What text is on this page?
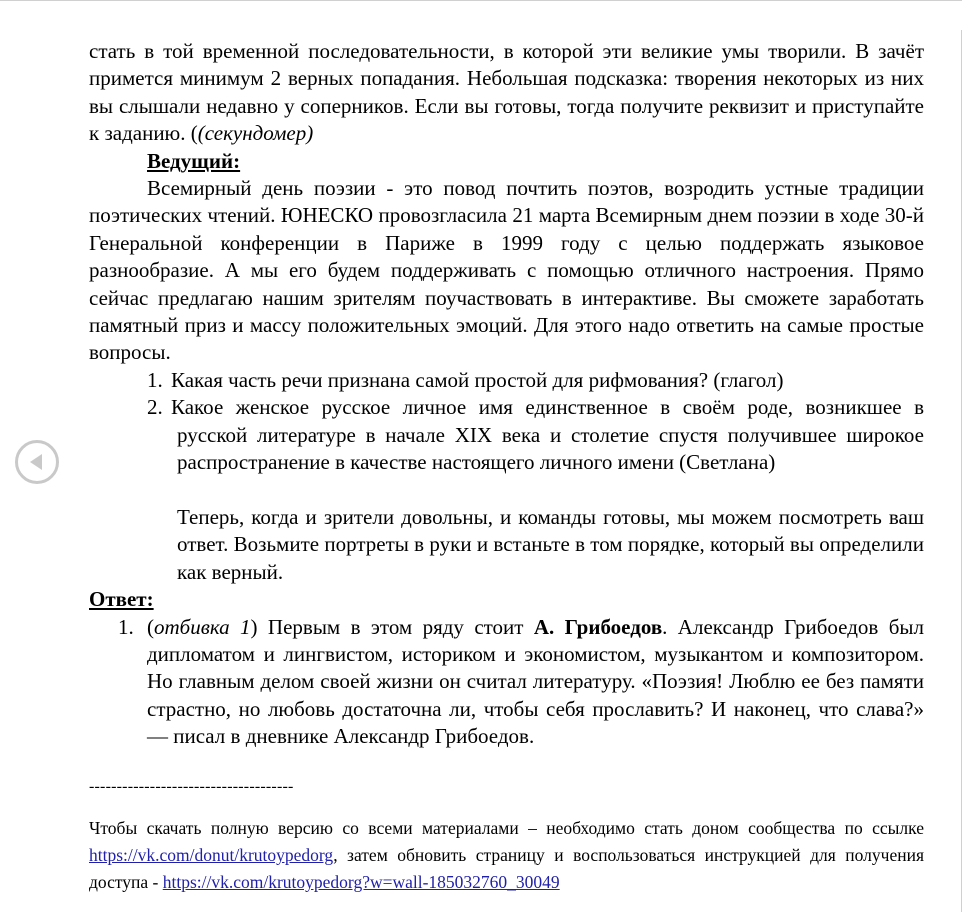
стать в той временной последовательности, в которой эти великие умы творили. В зачёт примется минимум 2 верных попадания. Небольшая подсказка: творения некоторых из них вы слышали недавно у соперников. Если вы готовы, тогда получите реквизит и приступайте к заданию. ((секундомер)

Ведущий:

Всемирный день поэзии - это повод почтить поэтов, возродить устные традиции поэтических чтений. ЮНЕСКО провозгласила 21 марта Всемирным днем поэзии в ходе 30-й Генеральной конференции в Париже в 1999 году с целью поддержать языковое разнообразие. А мы его будем поддерживать с помощью отличного настроения. Прямо сейчас предлагаю нашим зрителям поучаствовать в интерактиве. Вы сможете заработать памятный приз и массу положительных эмоций. Для этого надо ответить на самые простые вопросы.

1. Какая часть речи признана самой простой для рифмования? (глагол)
2. Какое женское русское личное имя единственное в своём роде, возникшее в русской литературе в начале XIX века и столетие спустя получившее широкое распространение в качестве настоящего личного имени (Светлана)

Теперь, когда и зрители довольны, и команды готовы, мы можем посмотреть ваш ответ. Возьмите портреты в руки и встаньте в том порядке, который вы определили как верный.

Ответ:

1. (отбивка 1) Первым в этом ряду стоит А. Грибоедов. Александр Грибоедов был дипломатом и лингвистом, историком и экономистом, музыкантом и композитором. Но главным делом своей жизни он считал литературу. «Поэзия! Люблю ее без памяти страстно, но любовь достаточна ли, чтобы себя прославить? И наконец, что слава?» — писал в дневнике Александр Грибоедов.
-------------------------------------

Чтобы скачать полную версию со всеми материалами – необходимо стать доном сообщества по ссылке https://vk.com/donut/krutoypedorg, затем обновить страницу и воспользоваться инструкцией для получения доступа - https://vk.com/krutoypedorg?w=wall-185032760_30049
